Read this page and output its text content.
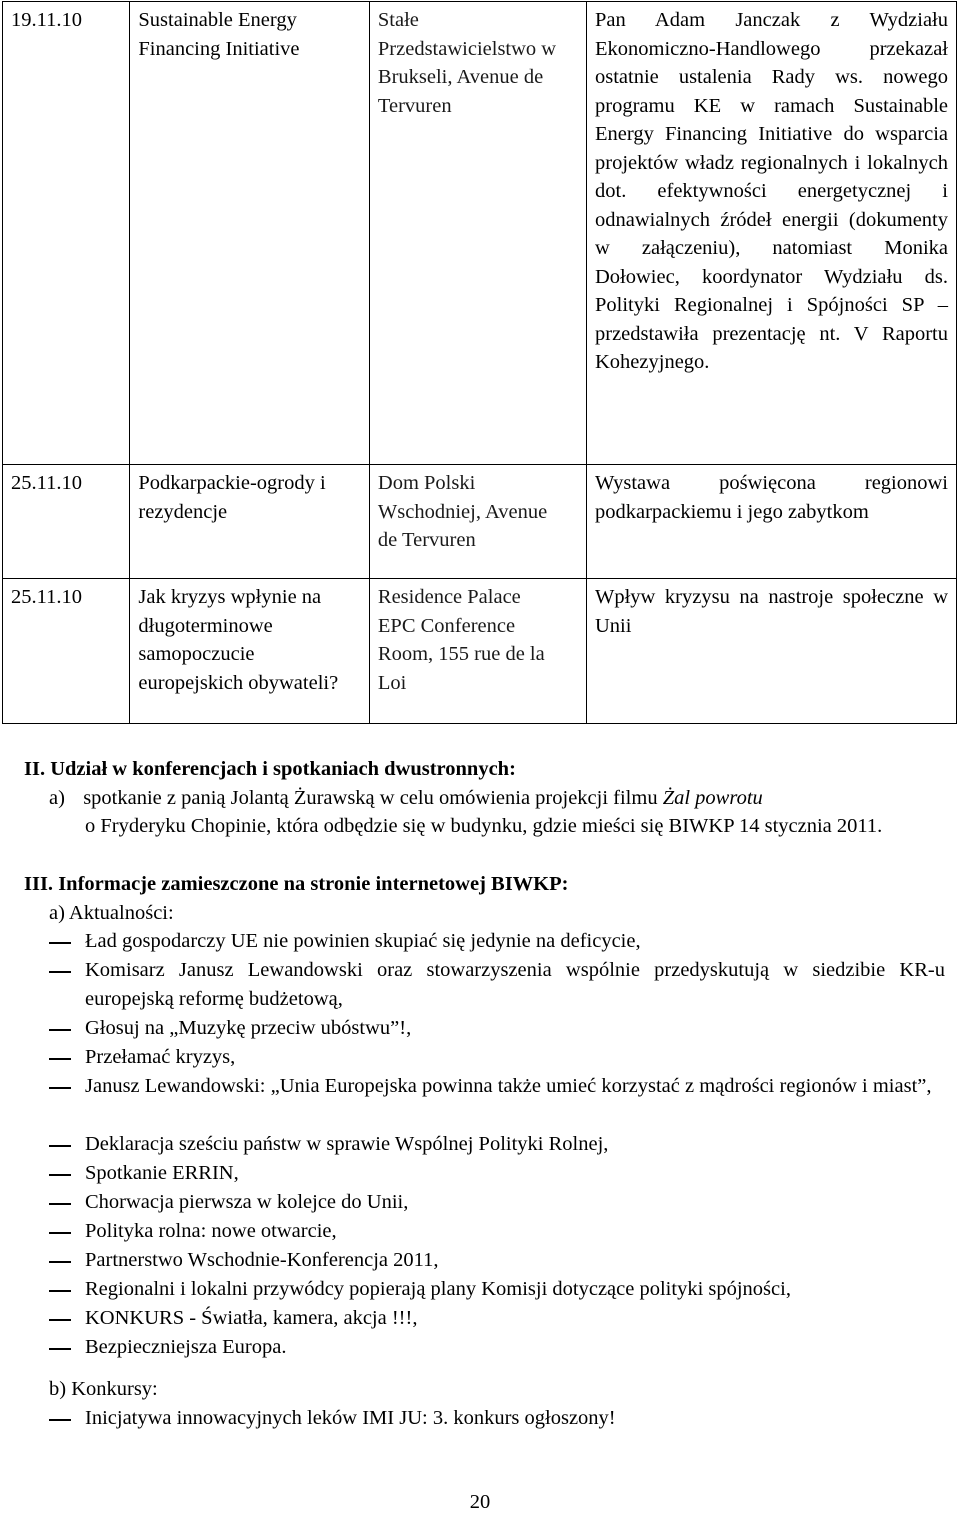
19.11.10	Sustainable Energy Financing Initiative	Stałe Przedstawicielstwo w Brukseli, Avenue de Tervuren	Pan Adam Janczak z Wydziału Ekonomiczno-Handlowego przekazał ostatnie ustalenia Rady ws. nowego programu KE w ramach Sustainable Energy Financing Initiative do wsparcia projektów władz regionalnych i lokalnych dot. efektywności energetycznej i odnawialnych źródeł energii (dokumenty w załączeniu), natomiast Monika Dołowiec, koordynator Wydziału ds. Polityki Regionalnej i Spójności SP – przedstawiła prezentację nt. V Raportu Kohezyjnego.
25.11.10	Podkarpackie-ogrody i rezydencje	Dom Polski Wschodniej, Avenue de Tervuren	Wystawa poświęcona regionowi podkarpackiemu i jego zabytkom
25.11.10	Jak kryzys wpłynie na długoterminowe samopoczucie europejskich obywateli?	Residence Palace EPC Conference Room, 155 rue de la Loi	Wpływ kryzysu na nastroje społeczne w Unii
II. Udział w konferencjach i spotkaniach dwustronnych:
a) spotkanie z panią Jolantą Żurawską w celu omówienia projekcji filmu Żal powrotu
o Fryderyku Chopinie, która odbędzie się w budynku, gdzie mieści się BIWKP 14 stycznia 2011.
III. Informacje zamieszczone na stronie internetowej BIWKP:
a) Aktualności:
Ład gospodarczy UE nie powinien skupiać się jedynie na deficycie,
Komisarz Janusz Lewandowski oraz stowarzyszenia wspólnie przedyskutują w siedzibie KR-u europejską reformę budżetową,
Głosuj na „Muzykę przeciw ubóstwu”!,
Przełamać kryzys,
Janusz Lewandowski: „Unia Europejska powinna także umieć korzystać z mądrości regionów i miast”,
Deklaracja sześciu państw w sprawie Wspólnej Polityki Rolnej,
Spotkanie ERRIN,
Chorwacja pierwsza w kolejce do Unii,
Polityka rolna: nowe otwarcie,
Partnerstwo Wschodnie-Konferencja 2011,
Regionalni i lokalni przywódcy popierają plany Komisji dotyczące polityki spójności,
KONKURS - Światła, kamera, akcja !!!,
Bezpieczniejsza Europa.
b) Konkursy:
Inicjatywa innowacyjnych leków IMI JU: 3. konkurs ogłoszony!
20
